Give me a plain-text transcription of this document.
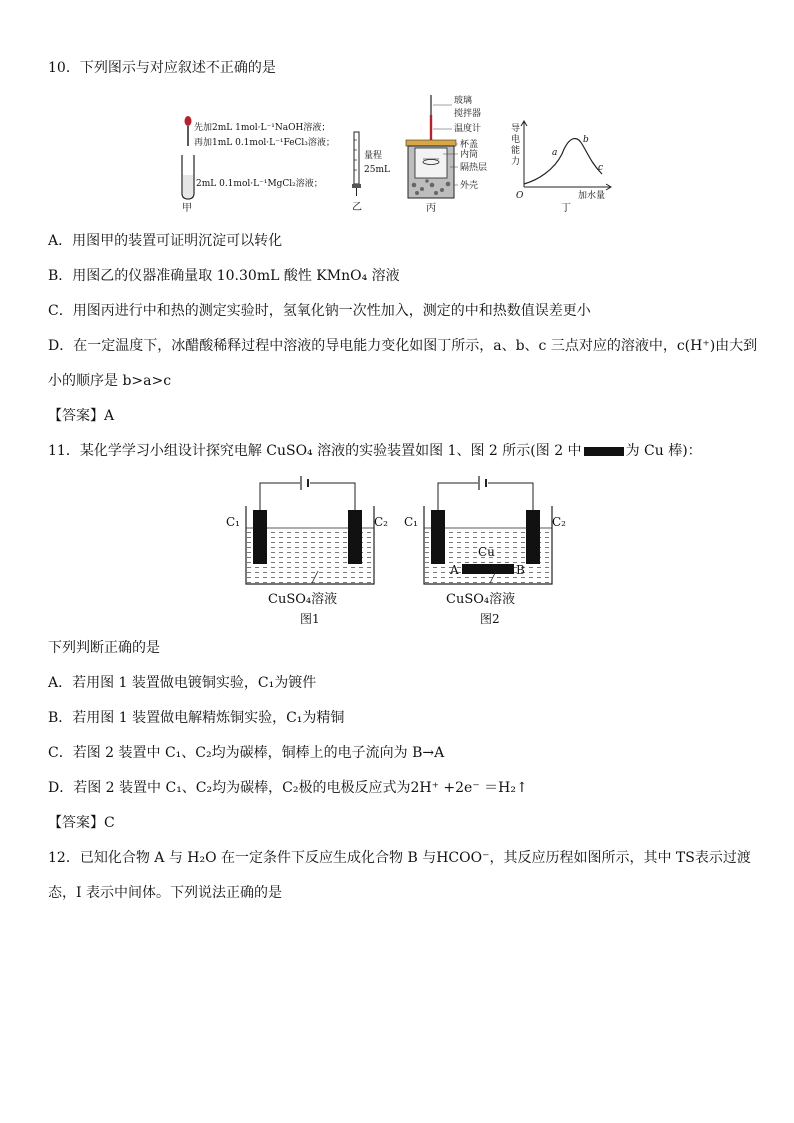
10．下列图示与对应叙述不正确的是
先加2mL 1mol·L⁻¹NaOH溶液；
再加1mL 0.1mol·L⁻¹FeCl₃溶液；
2mL 0.1mol·L⁻¹MgCl₂溶液；
甲
量程
25mL
乙
玻璃
搅拌器
温度计
杯盖
内筒
隔热层
外壳
丙
导
电
能
力
O
a
b
c
加水量
丁
A．用图甲的装置可证明沉淀可以转化
B．用图乙的仪器准确量取 10.30mL 酸性 KMnO₄ 溶液
C．用图丙进行中和热的测定实验时，氢氧化钠一次性加入，测定的中和热数值误差更小
D．在一定温度下，冰醋酸稀释过程中溶液的导电能力变化如图丁所示，a、b、c 三点对应的溶液中，c(H⁺)由大到
小的顺序是 b>a>c
【答案】A
11．某化学学习小组设计探究电解 CuSO₄ 溶液的实验装置如图 1、图 2 所示(图 2 中	为 Cu 棒)：
C₁	C₂
CuSO₄溶液
图1
C₁	C₂
Cu
A	B
CuSO₄溶液
图2
下列判断正确的是
A．若用图 1 装置做电镀铜实验，C₁为镀件
B．若用图 1 装置做电解精炼铜实验，C₁为精铜
C．若图 2 装置中 C₁、C₂均为碳棒，铜棒上的电子流向为 B→A
D．若图 2 装置中 C₁、C₂均为碳棒，C₂极的电极反应式为2H⁺ +2e⁻ ＝H₂↑
【答案】C
12．已知化合物 A 与 H₂O 在一定条件下反应生成化合物 B 与HCOO⁻，其反应历程如图所示，其中 TS表示过渡
态，I 表示中间体。下列说法正确的是
